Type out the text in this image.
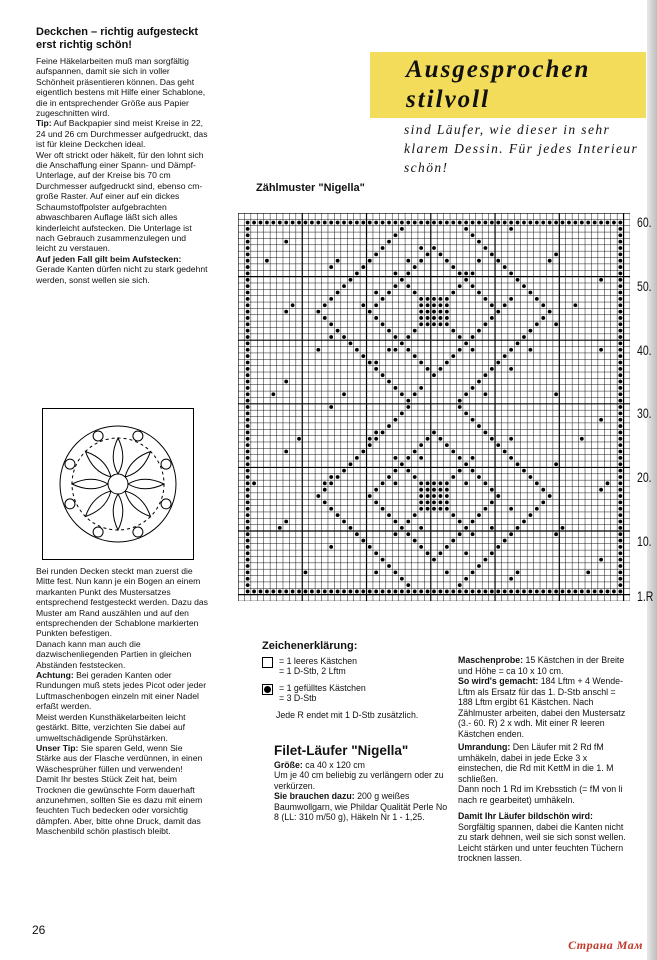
Deckchen – richtig aufgesteckt erst richtig schön!

Feine Häkelarbeiten muß man sorgfältig aufspannen, damit sie sich in voller Schönheit präsentieren können. Das geht eigentlich bestens mit Hilfe einer Schablone, die in entsprechender Größe aus Papier zugeschnitten wird.

Tip: Auf Backpapier sind meist Kreise in 22, 24 und 26 cm Durchmesser aufgedruckt, das ist für kleine Deckchen ideal.

Wer oft strickt oder häkelt, für den lohnt sich die Anschaffung einer Spann- und Dämpf-Unterlage, auf der Kreise bis 70 cm Durchmesser aufgedruckt sind, ebenso cm-große Raster. Auf einer auf ein dickes Schaumstoffpolster aufgebrachten abwaschbaren Auflage läßt sich alles kinderleicht aufstecken. Die Unterlage ist nach Gebrauch zusammenzulegen und leicht zu verstauen.

Auf jeden Fall gilt beim Aufstecken:

Gerade Kanten dürfen nicht zu stark gedehnt werden, sonst wellen sie sich.

Bei runden Decken steckt man zuerst die Mitte fest. Nun kann je ein Bogen an einem markanten Punkt des Mustersatzes entsprechend festgesteckt werden. Dazu das Muster am Rand auszählen und auf den entsprechenden der Schablone markierten Punkten befestigen.

Danach kann man auch die dazwischenliegenden Partien in gleichen Abständen feststecken.

Achtung: Bei geraden Kanten oder Rundungen muß stets jedes Picot oder jeder Luftmaschenbogen einzeln mit einer Nadel erfaßt werden.

Meist werden Kunsthäkelarbeiten leicht gestärkt. Bitte, verzichten Sie dabei auf umweltschädigende Sprühstärken.

Unser Tip: Sie sparen Geld, wenn Sie Stärke aus der Flasche verdünnen, in einen Wäschesprüher füllen und verwenden!

Damit Ihr bestes Stück Zeit hat, beim Trocknen die gewünschte Form dauerhaft anzunehmen, sollten Sie es dazu mit einem feuchten Tuch bedecken oder vorsichtig dämpfen. Aber, bitte ohne Druck, damit das Maschenbild schön plastisch bleibt.

26
Ausgesprochen
stilvoll
sind Läufer, wie dieser in sehr klarem Dessin. Für jedes Interieur schön!
Zählmuster "Nigella"
60.
50.
40.
30.
20.
10.
1.R
Zeichenerklärung:
= 1 leeres Kästchen
= 1 D-Stb, 2 Lftm
= 1 gefülltes Kästchen
= 3 D-Stb
Jede R endet mit 1 D-Stb zusätzlich.
Filet-Läufer "Nigella"
Größe: ca 40 x 120 cm
Um je 40 cm beliebig zu verlängern oder zu verkürzen.
Sie brauchen dazu: 200 g weißes Baumwollgarn, wie Phildar Qualität Perle No 8 (LL: 310 m/50 g), Häkeln Nr 1 - 1,25.
Maschenprobe: 15 Kästchen in der Breite und Höhe = ca 10 x 10 cm.
So wird's gemacht: 184 Lftm + 4 Wende-Lftm als Ersatz für das 1. D-Stb anschl = 188 Lftm ergibt 61 Kästchen. Nach Zählmuster arbeiten, dabei den Mustersatz (3.- 60. R) 2 x wdh. Mit einer R leeren Kästchen enden.
Umrandung: Den Läufer mit 2 Rd fM umhäkeln, dabei in jede Ecke 3 x einstechen, die Rd mit KettM in die 1. M schließen.
Dann noch 1 Rd im Krebsstich (= fM von li nach re gearbeitet) umhäkeln.
Damit Ihr Läufer bildschön wird:
Sorgfältig spannen, dabei die Kanten nicht zu stark dehnen, weil sie sich sonst wellen. Leicht stärken und unter feuchten Tüchern trocknen lassen.
Страна Мам
